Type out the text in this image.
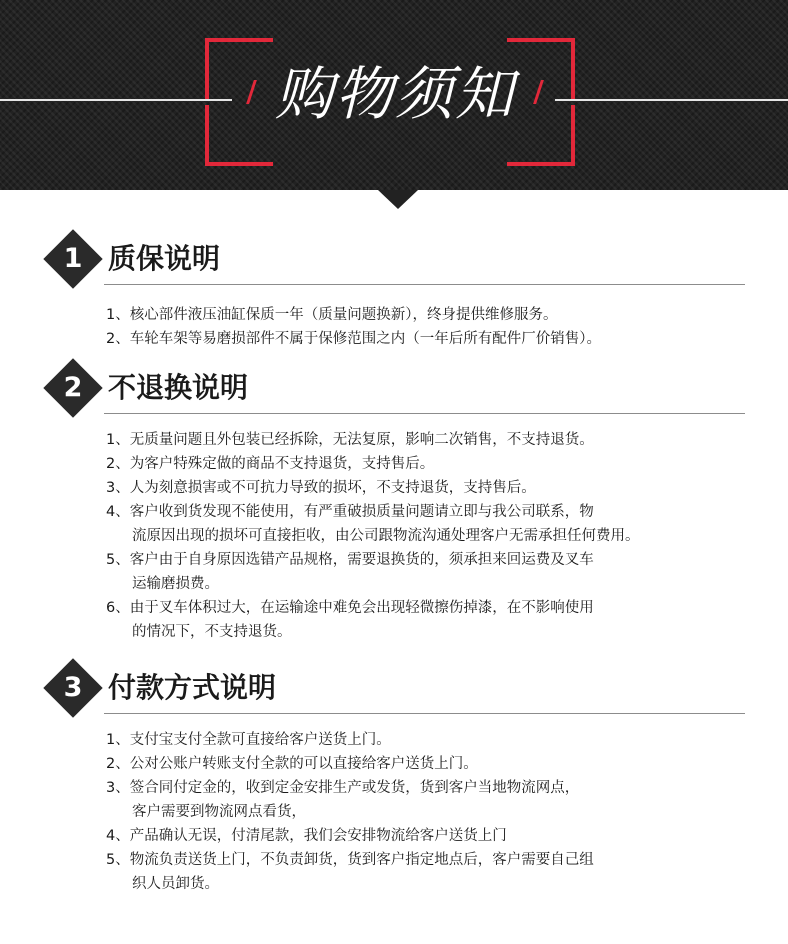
购物须知
1 质保说明
1、核心部件液压油缸保质一年（质量问题换新），终身提供维修服务。
2、车轮车架等易磨损部件不属于保修范围之内（一年后所有配件厂价销售）。
2 不退换说明
1、无质量问题且外包装已经拆除，无法复原，影响二次销售，不支持退货。
2、为客户特殊定做的商品不支持退货，支持售后。
3、人为刻意损害或不可抗力导致的损坏，不支持退货，支持售后。
4、客户收到货发现不能使用，有严重破损质量问题请立即与我公司联系，物
流原因出现的损坏可直接拒收，由公司跟物流沟通处理客户无需承担任何费用。
5、客户由于自身原因选错产品规格，需要退换货的，须承担来回运费及叉车
运输磨损费。
6、由于叉车体积过大，在运输途中难免会出现轻微擦伤掉漆，在不影响使用
的情况下，不支持退货。
3 付款方式说明
1、支付宝支付全款可直接给客户送货上门。
2、公对公账户转账支付全款的可以直接给客户送货上门。
3、签合同付定金的，收到定金安排生产或发货，货到客户当地物流网点，
客户需要到物流网点看货，
4、产品确认无误，付清尾款，我们会安排物流给客户送货上门
5、物流负责送货上门，不负责卸货，货到客户指定地点后，客户需要自己组
织人员卸货。
